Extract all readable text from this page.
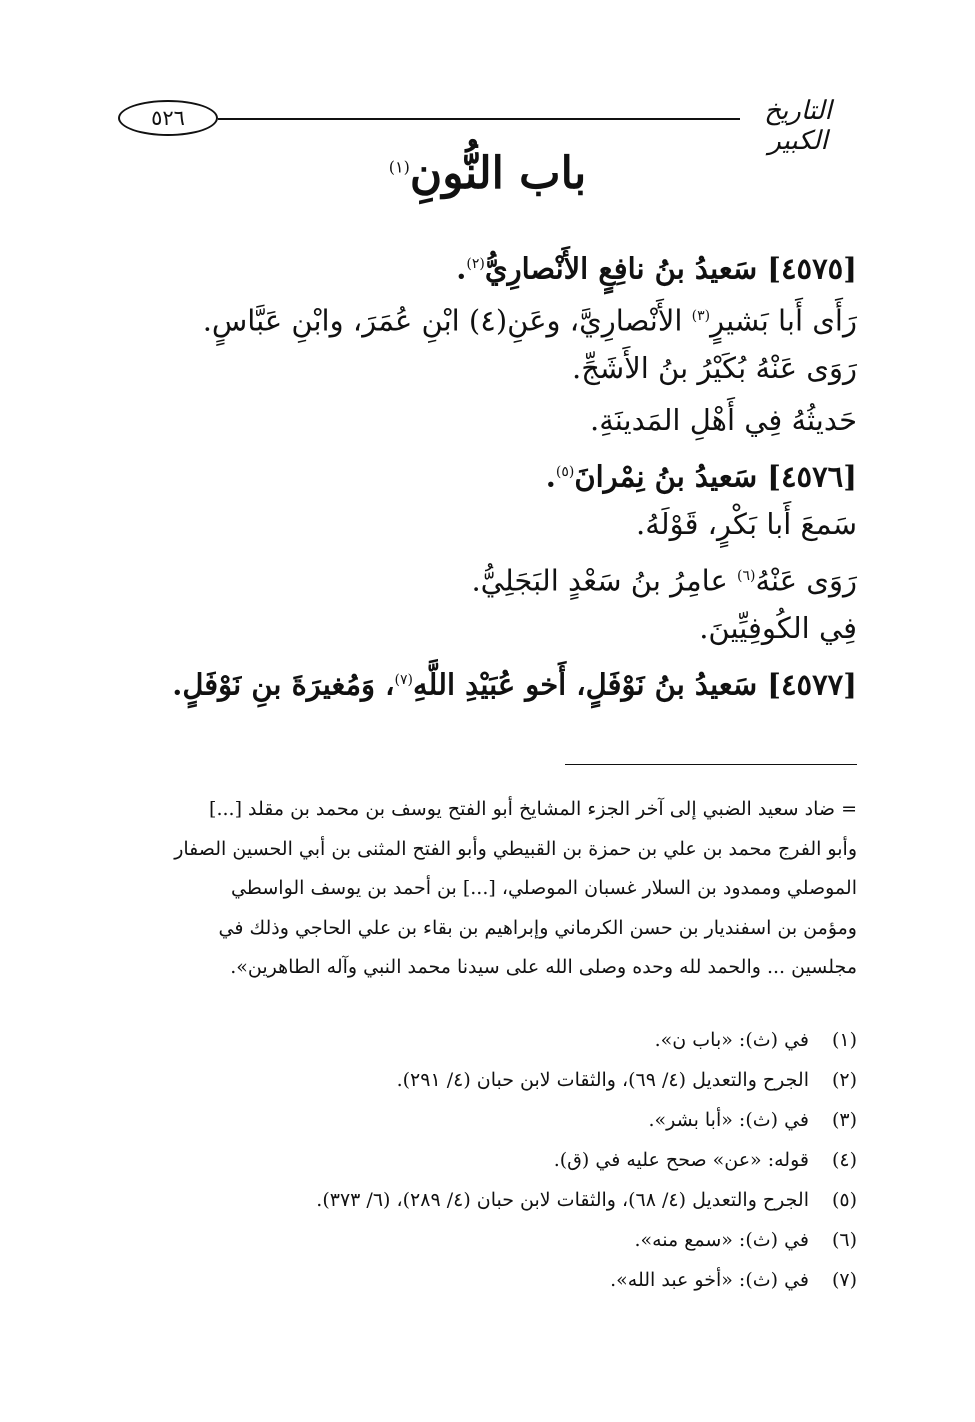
٥٢٦	التاريخ الكبير
باب النُّونِ$^{(١)}$
[٤٥٧٥] سَعيدُ بنُ نافِعٍ الأَنْصارِيُّ$^{(٢)}$.
رَأَى أَبا بَشيرٍ$^{(٣)}$ الأَنْصارِيَّ، وعَنِ(٤) ابْنِ عُمَرَ، وابْنِ عَبَّاسٍ.
رَوَى عَنْهُ بُكَيْرُ بنُ الأَشَجِّ.
حَديثُهُ فِي أَهْلِ المَدينَةِ.
[٤٥٧٦] سَعيدُ بنُ نِمْرانَ$^{(٥)}$.
سَمعَ أَبا بَكْرٍ، قَوْلَهُ.
رَوَى عَنْهُ$^{(٦)}$ عامِرُ بنُ سَعْدٍ البَجَلِيُّ.
فِي الكُوفِيِّينَ.
[٤٥٧٧] سَعيدُ بنُ نَوْفَلٍ، أَخو عُبَيْدِ اللَّهِ$^{(٧)}$، وَمُغيرَةَ بنِ نَوْفَلٍ.
= ضاد سعيد الضبي إلى آخر الجزء المشايخ أبو الفتح يوسف بن محمد بن مقلد [...]
وأبو الفرج محمد بن علي بن حمزة بن القبيطي وأبو الفتح المثنى بن أبي الحسين الصفار
الموصلي وممدود بن السلار غسبان الموصلي، [...] بن أحمد بن يوسف الواسطي
ومؤمن بن اسفنديار بن حسن الكرماني وإبراهيم بن بقاء بن علي الحاجي وذلك في
مجلسين ... والحمد لله وحده وصلى الله على سيدنا محمد النبي وآله الطاهرين».
(١)
في (ث): «باب ن».
(٢)
الجرح والتعديل (٤/ ٦٩)، والثقات لابن حبان (٤/ ٢٩١).
(٣)
في (ث): «أبا بشر».
(٤)
قوله: «عن» صحح عليه في (ق).
(٥)
الجرح والتعديل (٤/ ٦٨)، والثقات لابن حبان (٤/ ٢٨٩)، (٦/ ٣٧٣).
(٦)
في (ث): «سمع منه».
(٧)
في (ث): «أخو عبد الله».
